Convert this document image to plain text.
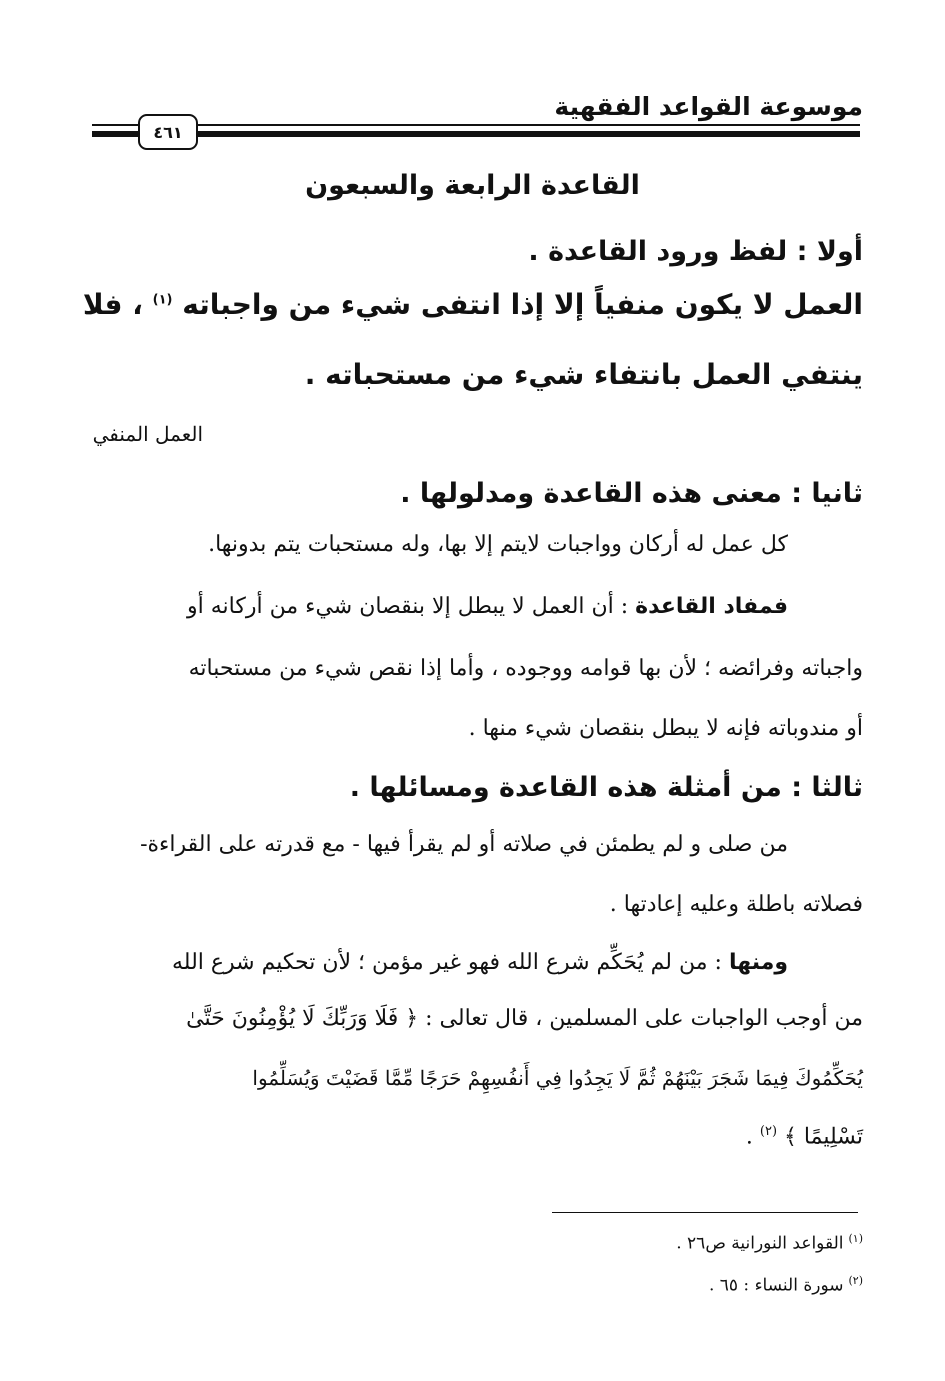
موسوعة القواعد الفقهية
٤٦١
القاعدة الرابعة والسبعون
أولا : لفظ ورود القاعدة .
العمل لا يكون منفياً إلا إذا انتفى شيء من واجباته $^{(١)}$ ، فلا
ينتفي العمل بانتفاء شيء من مستحباته .
العمل المنفي
ثانيا : معنى هذه القاعدة ومدلولها .
كل عمل له أركان وواجبات لايتم إلا بها، وله مستحبات يتم بدونها.
فمفاد القاعدة : أن العمل لا يبطل إلا بنقصان شيء من أركانه أو
واجباته وفرائضه ؛ لأن بها قوامه ووجوده ، وأما إذا نقص شيء من مستحباته
أو مندوباته فإنه لا يبطل بنقصان شيء منها .
ثالثا : من أمثلة هذه القاعدة ومسائلها .
من صلى و لم يطمئن في صلاته أو لم يقرأ فيها - مع قدرته على القراءة-
فصلاته باطلة وعليه إعادتها .
ومنها : من لم يُحَكِّم شرع الله فهو غير مؤمن ؛ لأن تحكيم شرع الله
من أوجب الواجبات على المسلمين ، قال تعالى : ﴿ فَلَا وَرَبِّكَ لَا يُؤْمِنُونَ حَتَّىٰ
يُحَكِّمُوكَ فِيمَا شَجَرَ بَيْنَهُمْ ثُمَّ لَا يَجِدُوا فِي أَنفُسِهِمْ حَرَجًا مِّمَّا قَضَيْتَ وَيُسَلِّمُوا
تَسْلِيمًا ﴾ $^{(٢)}$ .
$^{(١)}$القواعد النورانية ص٢٦ .
$^{(٢)}$سورة النساء : ٦٥ .
